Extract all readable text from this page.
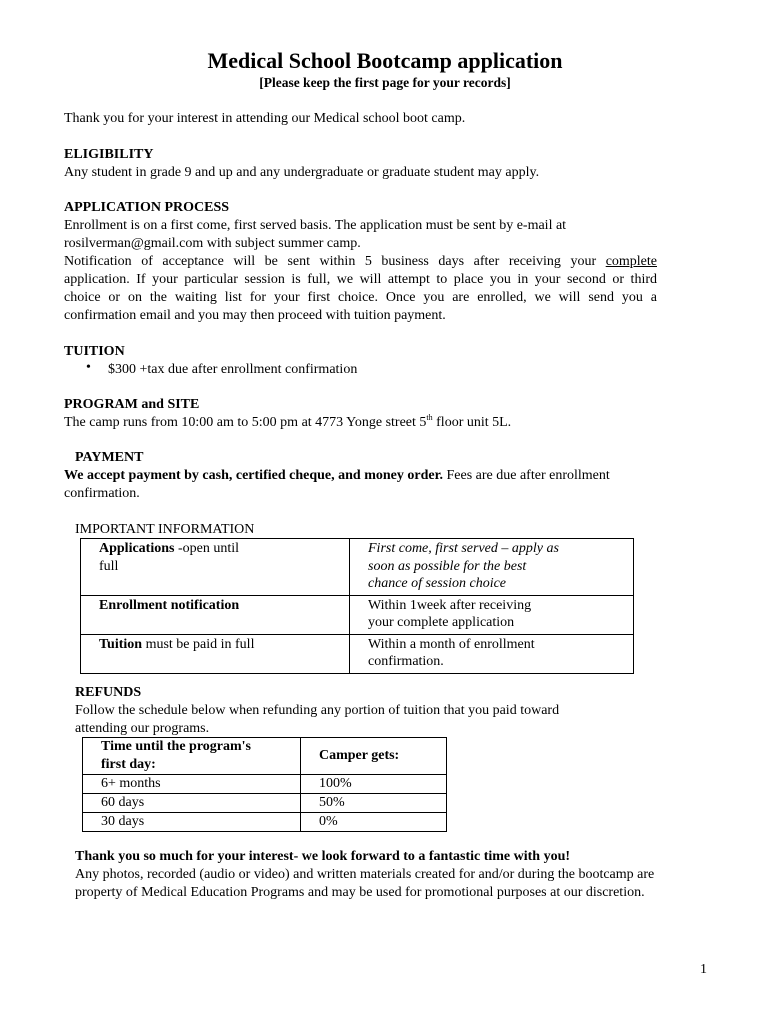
Medical School Bootcamp application
[Please keep the first page for your records]
Thank you for your interest in attending our Medical school boot camp.
ELIGIBILITY
Any student in grade 9 and up and any undergraduate or graduate student may apply.
APPLICATION PROCESS
Enrollment is on a first come, first served basis. The application must be sent by e-mail at
rosilverman@gmail.com with subject summer camp.
Notification of acceptance will be sent within 5 business days after receiving your complete
application. If your particular session is full, we will attempt to place you in your second or third
choice or on the waiting list for your first choice. Once you are enrolled, we will send you a
confirmation email and you may then proceed with tuition payment.
TUITION
• $300 +tax due after enrollment confirmation
PROGRAM and SITE
The camp runs from 10:00 am to 5:00 pm at 4773 Yonge street 5th floor unit 5L.
PAYMENT
We accept payment by cash, certified cheque, and money order. Fees are due after enrollment
confirmation.
IMPORTANT INFORMATION
Applications -open until
full	First come, first served – apply as
soon as possible for the best
chance of session choice
Enrollment notification	Within 1week after receiving
your complete application
Tuition must be paid in full	Within a month of enrollment
confirmation.
REFUNDS
Follow the schedule below when refunding any portion of tuition that you paid toward
attending our programs.
Time until the program's
first day:	Camper gets:
6+ months	100%
60 days	50%
30 days	0%
Thank you so much for your interest- we look forward to a fantastic time with you!
Any photos, recorded (audio or video) and written materials created for and/or during the bootcamp are
property of Medical Education Programs and may be used for promotional purposes at our discretion.
1
